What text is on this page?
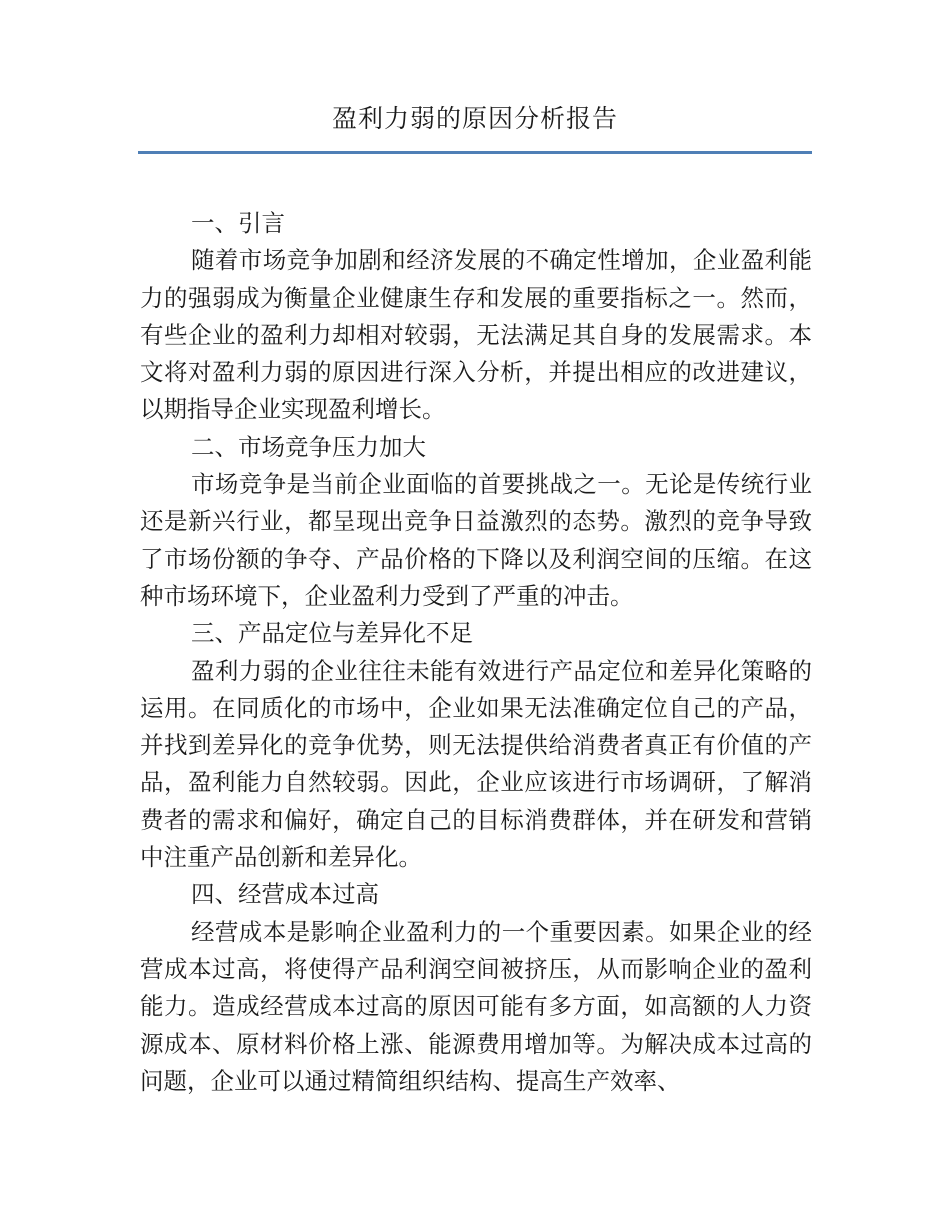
盈利力弱的原因分析报告
一、引言

随着市场竞争加剧和经济发展的不确定性增加，企业盈利能力的强弱成为衡量企业健康生存和发展的重要指标之一。然而，有些企业的盈利力却相对较弱，无法满足其自身的发展需求。本文将对盈利力弱的原因进行深入分析，并提出相应的改进建议，以期指导企业实现盈利增长。

二、市场竞争压力加大

市场竞争是当前企业面临的首要挑战之一。无论是传统行业还是新兴行业，都呈现出竞争日益激烈的态势。激烈的竞争导致了市场份额的争夺、产品价格的下降以及利润空间的压缩。在这种市场环境下，企业盈利力受到了严重的冲击。

三、产品定位与差异化不足

盈利力弱的企业往往未能有效进行产品定位和差异化策略的运用。在同质化的市场中，企业如果无法准确定位自己的产品，并找到差异化的竞争优势，则无法提供给消费者真正有价值的产品，盈利能力自然较弱。因此，企业应该进行市场调研，了解消费者的需求和偏好，确定自己的目标消费群体，并在研发和营销中注重产品创新和差异化。

四、经营成本过高

经营成本是影响企业盈利力的一个重要因素。如果企业的经营成本过高，将使得产品利润空间被挤压，从而影响企业的盈利能力。造成经营成本过高的原因可能有多方面，如高额的人力资源成本、原材料价格上涨、能源费用增加等。为解决成本过高的问题，企业可以通过精简组织结构、提高生产效率、
